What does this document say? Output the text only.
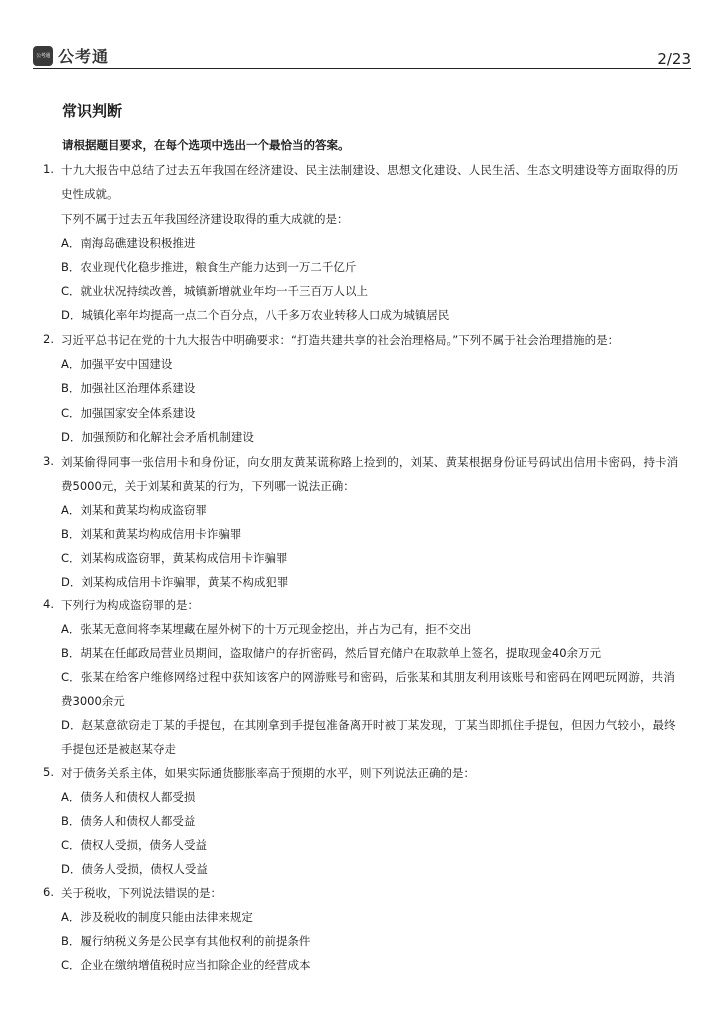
公考通 公考通	2/23
常识判断
请根据题目要求，在每个选项中选出一个最恰当的答案。
1. 十九大报告中总结了过去五年我国在经济建设、民主法制建设、思想文化建设、人民生活、生态文明建设等方面取得的历
史性成就。
下列不属于过去五年我国经济建设取得的重大成就的是：
A．南海岛礁建设积极推进
B．农业现代化稳步推进，粮食生产能力达到一万二千亿斤
C．就业状况持续改善，城镇新增就业年均一千三百万人以上
D．城镇化率年均提高一点二个百分点，八千多万农业转移人口成为城镇居民
2. 习近平总书记在党的十九大报告中明确要求：“打造共建共享的社会治理格局。”下列不属于社会治理措施的是：
A．加强平安中国建设
B．加强社区治理体系建设
C．加强国家安全体系建设
D．加强预防和化解社会矛盾机制建设
3. 刘某偷得同事一张信用卡和身份证，向女朋友黄某谎称路上捡到的，刘某、黄某根据身份证号码试出信用卡密码，持卡消
费5000元，关于刘某和黄某的行为，下列哪一说法正确：
A．刘某和黄某均构成盗窃罪
B．刘某和黄某均构成信用卡诈骗罪
C．刘某构成盗窃罪，黄某构成信用卡诈骗罪
D．刘某构成信用卡诈骗罪，黄某不构成犯罪
4. 下列行为构成盗窃罪的是：
A．张某无意间将李某埋藏在屋外树下的十万元现金挖出，并占为己有，拒不交出
B．胡某在任邮政局营业员期间，盗取储户的存折密码，然后冒充储户在取款单上签名，提取现金40余万元
C．张某在给客户维修网络过程中获知该客户的网游账号和密码，后张某和其朋友利用该账号和密码在网吧玩网游，共消
费3000余元
D．赵某意欲窃走丁某的手提包，在其刚拿到手提包准备离开时被丁某发现，丁某当即抓住手提包，但因力气较小，最终
手提包还是被赵某夺走
5. 对于债务关系主体，如果实际通货膨胀率高于预期的水平，则下列说法正确的是：
A．债务人和债权人都受损
B．债务人和债权人都受益
C．债权人受损，债务人受益
D．债务人受损，债权人受益
6. 关于税收，下列说法错误的是：
A．涉及税收的制度只能由法律来规定
B．履行纳税义务是公民享有其他权利的前提条件
C．企业在缴纳增值税时应当扣除企业的经营成本
